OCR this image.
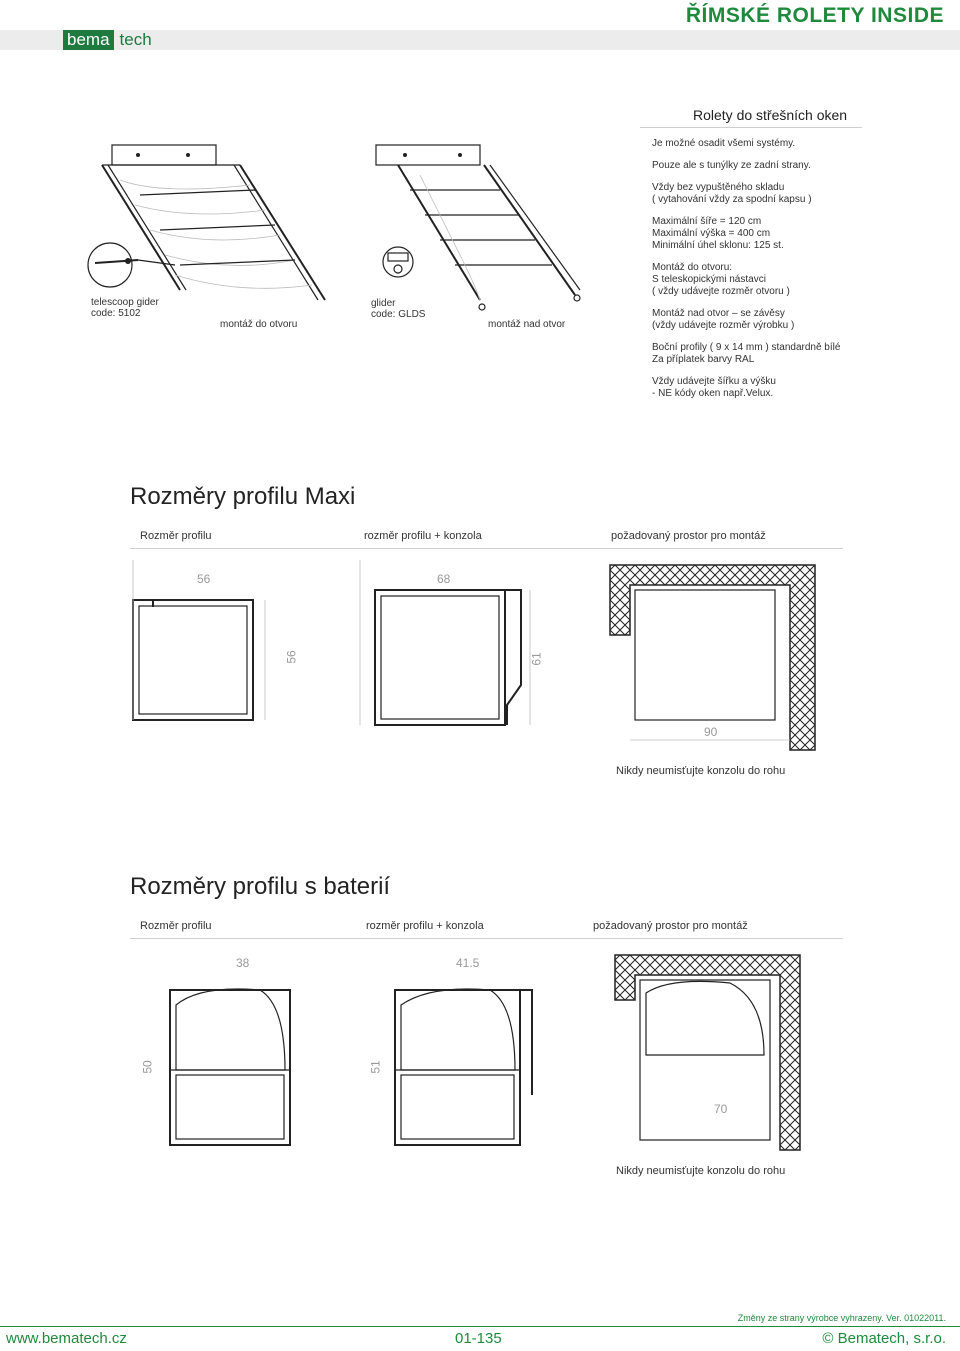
bema tech
ŘÍMSKÉ ROLETY INSIDE
Rolety do střešních oken

Je možné osadit všemi systémy.

Pouze ale s tunýlky ze zadní strany.

Vždy bez vypuštěného skladu
( vytahování vždy za spodní kapsu )

Maximální šíře = 120 cm
Maximální výška = 400 cm
Minimální úhel sklonu: 125 st.

Montáž do otvoru:
S teleskopickými nástavci
( vždy udávejte rozměr otvoru )

Montáž nad otvor – se závěsy
(vždy udávejte rozměr výrobku )

Boční profily ( 9 x 14 mm ) standardně bílé
Za příplatek barvy RAL

Vždy udávejte šířku a výšku
- NE kódy oken např.Velux.

telescoop gider
code: 5102
montáž do otvoru
glider
code: GLDS
montáž nad otvor
Rozměry profilu Maxi
Rozměr profilu	rozměr profilu + konzola	požadovaný prostor pro montáž
56
56
68
61
90
Nikdy neumisťujte konzolu do rohu
Rozměry profilu s baterií
Rozměr profilu	rozměr profilu + konzola	požadovaný prostor pro montáž
38
50
41.5
51
70
Nikdy neumisťujte konzolu do rohu
Změny ze strany výrobce vyhrazeny. Ver. 01022011.
www.bematech.cz	01-135	© Bematech, s.r.o.
